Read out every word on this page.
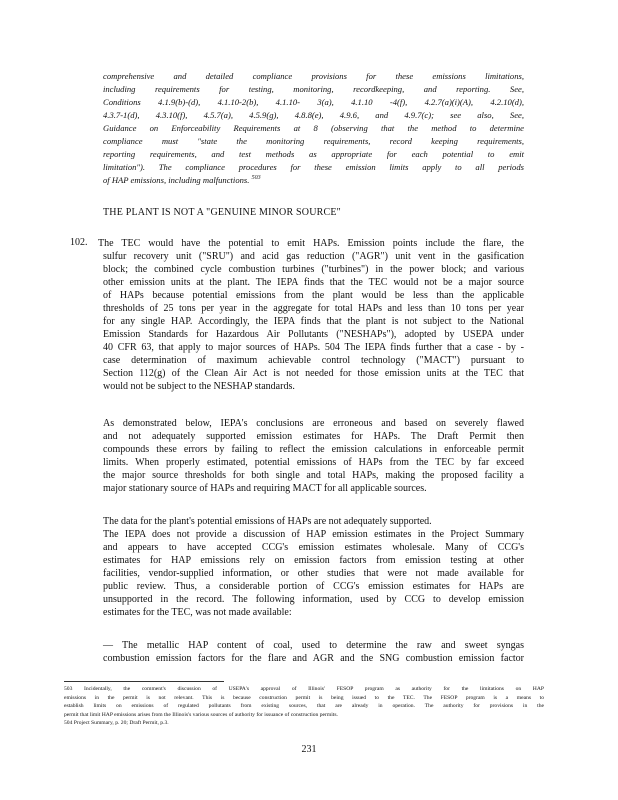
comprehensive and detailed compliance provisions for these emissions limitations,
including requirements for testing, monitoring, recordkeeping, and reporting. See,
Conditions 4.1.9(b)-(d), 4.1.10-2(b), 4.1.10- 3(a), 4.1.10 -4(f), 4.2.7(a)(i)(A), 4.2.10(d),
4.3.7-1(d), 4.3.10(f), 4.5.7(a), 4.5.9(g), 4.8.8(e), 4.9.6, and 4.9.7(c); see also, See,
Guidance on Enforceability Requirements at 8 (observing that the method to determine
compliance must "state the monitoring requirements, record keeping requirements,
reporting requirements, and test methods as appropriate for each potential to emit
limitation"). The compliance procedures for these emission limits apply to all periods
of HAP emissions, including malfunctions. $^{503}$
THE PLANT IS NOT A "GENUINE MINOR SOURCE"
102. The TEC would have the potential to emit HAPs. Emission points include the flare, the
sulfur recovery unit ("SRU") and acid gas reduction ("AGR") unit vent in the gasification
block; the combined cycle combustion turbines ("turbines") in the power block; and various
other emission units at the plant. The IEPA finds that the TEC would not be a major source
of HAPs because potential emissions from the plant would be less than the applicable
thresholds of 25 tons per year in the aggregate for total HAPs and less than 10 tons per year
for any single HAP. Accordingly, the IEPA finds that the plant is not subject to the National
Emission Standards for Hazardous Air Pollutants ("NESHAPs"), adopted by USEPA under
40 CFR 63, that apply to major sources of HAPs. 504 The IEPA finds further that a case - by -
case determination of maximum achievable control technology ("MACT") pursuant to
Section 112(g) of the Clean Air Act is not needed for those emission units at the TEC that
would not be subject to the NESHAP standards.
As demonstrated below, IEPA's conclusions are erroneous and based on severely flawed
and not adequately supported emission estimates for HAPs. The Draft Permit then
compounds these errors by failing to reflect the emission calculations in enforceable permit
limits. When properly estimated, potential emissions of HAPs from the TEC by far exceed
the major source thresholds for both single and total HAPs, making the proposed facility a
major stationary source of HAPs and requiring MACT for all applicable sources.
The data for the plant's potential emissions of HAPs are not adequately supported.
The IEPA does not provide a discussion of HAP emission estimates in the Project Summary
and appears to have accepted CCG's emission estimates wholesale. Many of CCG's
estimates for HAP emissions rely on emission factors from emission testing at other
facilities, vendor-supplied information, or other studies that were not made available for
public review. Thus, a considerable portion of CCG's emission estimates for HAPs are
unsupported in the record. The following information, used by CCG to develop emission
estimates for the TEC, was not made available:
— The metallic HAP content of coal, used to determine the raw and sweet syngas
combustion emission factors for the flare and AGR and the SNG combustion emission factor
503 Incidentally, the comment's discussion of USEPA's approval of Illinois' FESOP program as authority for the limitations on HAP
emissions in the permit is not relevant. This is because construction permit is being issued to the TEC. The FESOP program is a means to
establish limits on emissions of regulated pollutants from existing sources, that are already in operation. The authority for provisions in the
permit that limit HAP emissions arises from the Illinois's various sources of authority for issuance of construction permits.
504 Project Summary, p. 20; Draft Permit, p.3.
231
